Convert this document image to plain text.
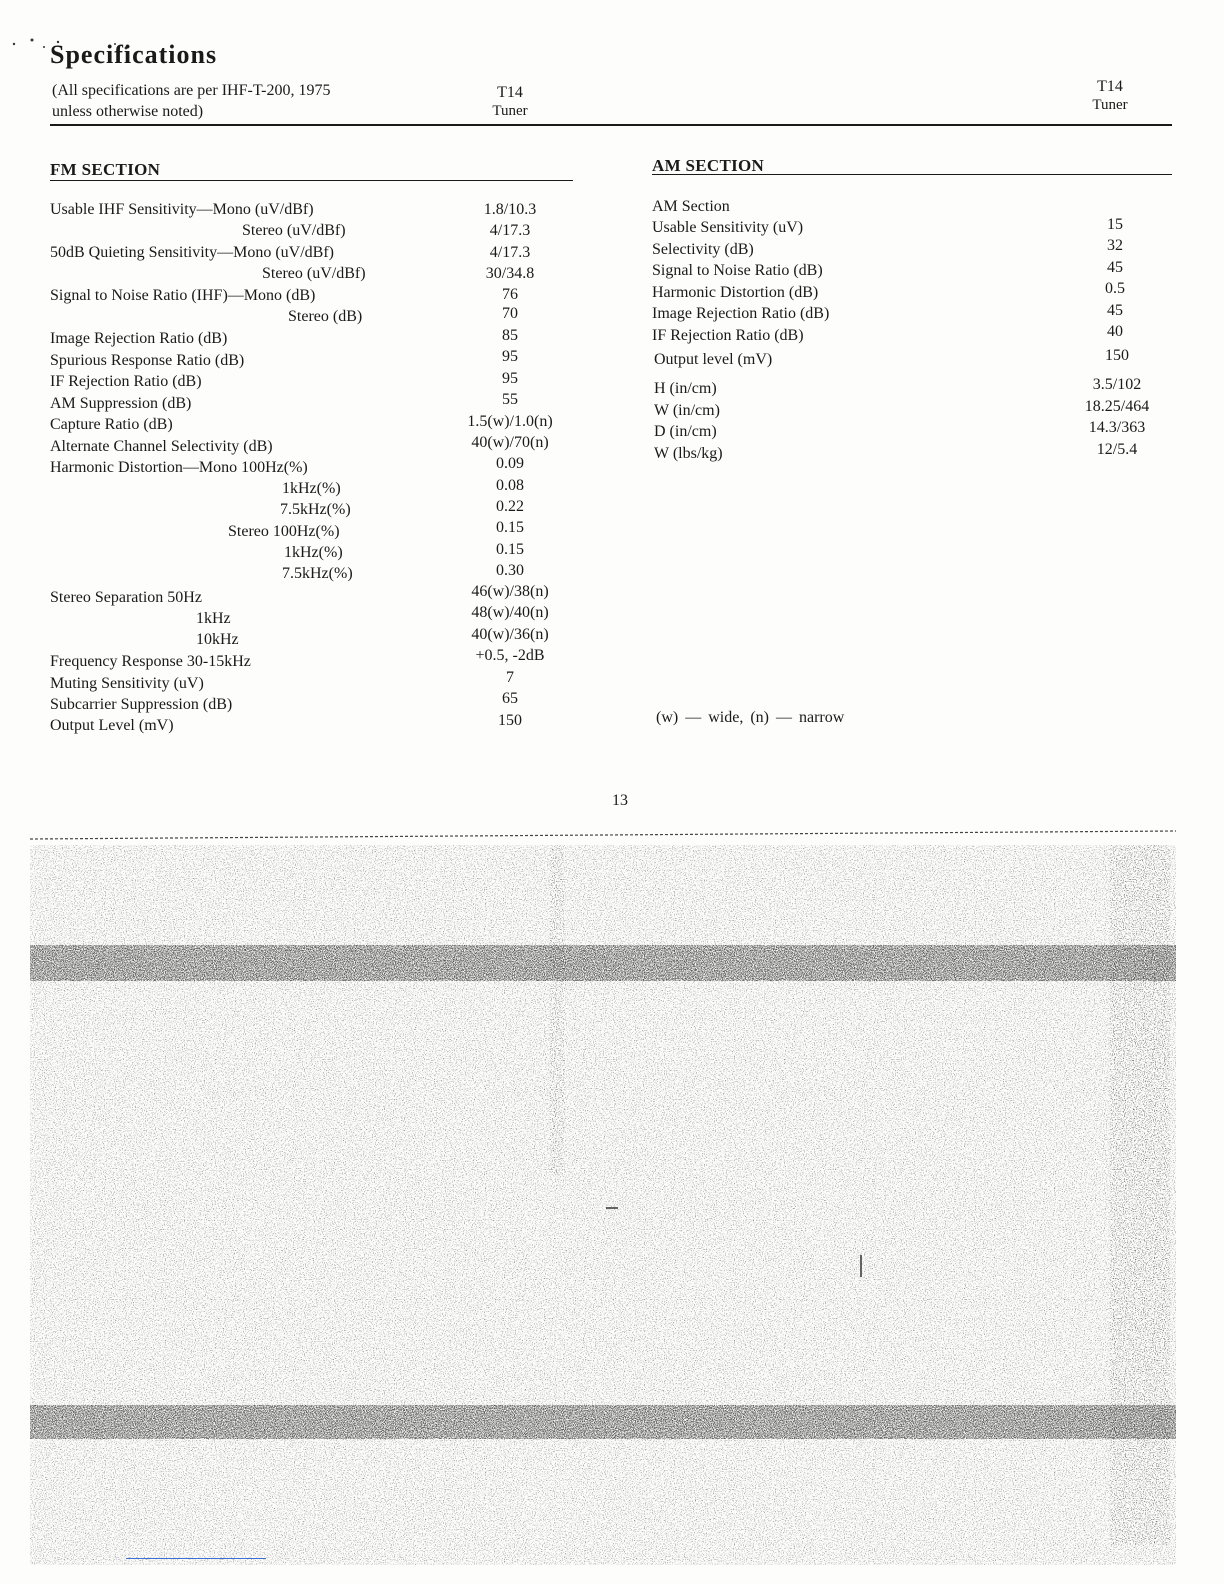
Specifications
(All specifications are per IHF-T-200, 1975
unless otherwise noted)
T14
Tuner
T14
Tuner
FM SECTION
Usable IHF Sensitivity—Mono (uV/dBf)	1.8/10.3
Stereo (uV/dBf)	4/17.3
50dB Quieting Sensitivity—Mono (uV/dBf)	4/17.3
Stereo (uV/dBf)	30/34.8
Signal to Noise Ratio (IHF)—Mono (dB)	76
Stereo (dB)	70
Image Rejection Ratio (dB)	85
Spurious Response Ratio (dB)	95
IF Rejection Ratio (dB)	95
AM Suppression (dB)	55
Capture Ratio (dB)	1.5(w)/1.0(n)
Alternate Channel Selectivity (dB)	40(w)/70(n)
Harmonic Distortion—Mono 100Hz(%)	0.09
1kHz(%)	0.08
7.5kHz(%)	0.22
Stereo 100Hz(%)	0.15
1kHz(%)	0.15
7.5kHz(%)	0.30
Stereo Separation 50Hz	46(w)/38(n)
1kHz	48(w)/40(n)
10kHz	40(w)/36(n)
Frequency Response 30-15kHz	+0.5, -2dB
Muting Sensitivity (uV)	7
Subcarrier Suppression (dB)	65
Output Level (mV)	150
AM SECTION
AM Section
Usable Sensitivity (uV)	15
Selectivity (dB)	32
Signal to Noise Ratio (dB)	45
Harmonic Distortion (dB)	0.5
Image Rejection Ratio (dB)	45
IF Rejection Ratio (dB)	40
Output level (mV)	150
H (in/cm)	3.5/102
W (in/cm)	18.25/464
D (in/cm)	14.3/363
W (lbs/kg)	12/5.4
(w) — wide, (n) — narrow
13
